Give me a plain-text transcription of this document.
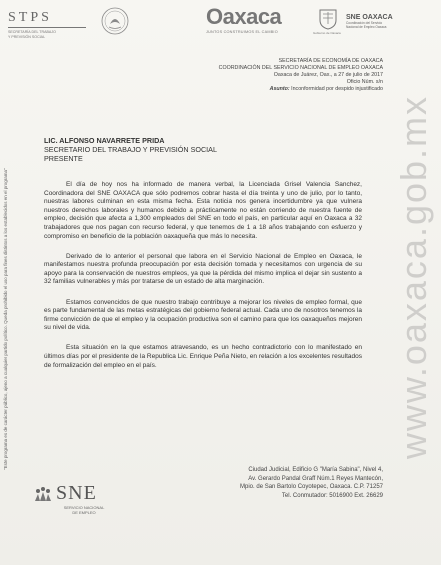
STPS
SECRETARÍA DEL TRABAJO
Y PREVISIÓN SOCIAL
Oaxaca
JUNTOS CONSTRUIMOS EL CAMBIO	Gobierno de Oaxaca
SNE OAXACA
Coordinación del Servicio
Nacional de Empleo Oaxaca
"Este programa es de carácter público, ajeno a cualquier partido político. Queda prohibido el uso para fines distintos a los establecidos en el programa"	www.oaxaca.gob.mx
SECRETARÍA DE ECONOMÍA DE OAXACA
COORDINACIÓN DEL SERVICIO NACIONAL DE EMPLEO OAXACA
Oaxaca de Juárez, Oax., a 27 de julio de 2017
Oficio Núm. s/n
Asunto: Inconformidad por despido injustificado
LIC. ALFONSO NAVARRETE PRIDA
SECRETARIO DEL TRABAJO Y PREVISIÓN SOCIAL
PRESENTE

El día de hoy nos ha informado de manera verbal, la Licenciada Grisel Valencia Sanchez, Coordinadora del SNE OAXACA que sólo podremos cobrar hasta el día treinta y uno de julio, por lo tanto, nuestras labores culminan en esta misma fecha. Esta noticia nos genera incertidumbre ya que vulnera nuestros derechos laborales y humanos debido a prácticamente no están corriendo de nuestra fuente de empleo, decisión que afecta a 1,300 empleados del SNE en todo el país, en particular aquí en Oaxaca a 32 trabajadores que nos pagan con recurso federal, y que tenemos de 1 a 18 años trabajando con esfuerzo y compromiso en beneficio de la población oaxaqueña que más lo necesita.

Derivado de lo anterior el personal que labora en el Servicio Nacional de Empleo en Oaxaca, le manifestamos nuestra profunda preocupación por esta decisión tomada y necesitamos con urgencia de su apoyo para la conservación de nuestros empleos, ya que la pérdida del mismo implica el dejar sin sustento a 32 familias vulnerables y más por tratarse de un estado de alta marginación.

Estamos convencidos de que nuestro trabajo contribuye a mejorar los niveles de empleo formal, que es parte fundamental de las metas estratégicas del gobierno federal actual. Cada uno de nosotros tenemos la firme convicción de que el empleo y la ocupación productiva son el camino para que los oaxaqueños mejoren su nivel de vida.

Esta situación en la que estamos atravesando, es un hecho contradictorio con lo manifestado en últimos días por el presidente de la Republica Lic. Enrique Peña Nieto, en relación a los excelentes resultados de formalización del empleo en el país.

Ciudad Judicial, Edificio G "María Sabina", Nivel 4,
Av. Gerardo Pandal Graff Núm.1 Reyes Mantecón,
Mpio. de San Bartolo Coyotepec, Oaxaca. C.P. 71257
Tel. Conmutador: 5016900 Ext. 26629
SNE
SERVICIO NACIONAL
DE EMPLEO
